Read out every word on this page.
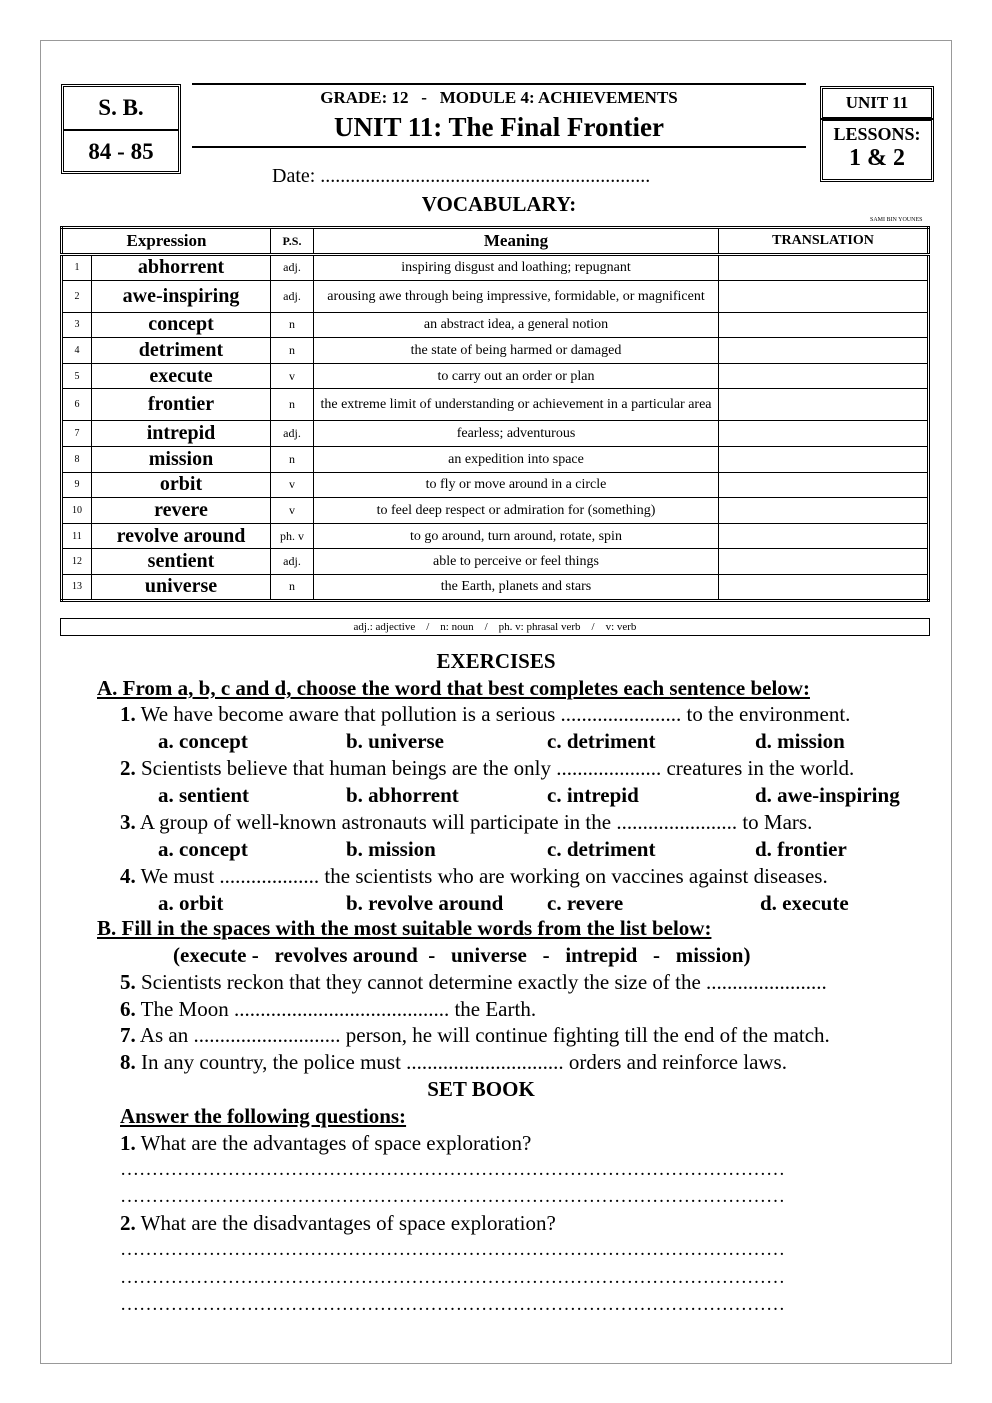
S. B.
84 - 85
GRADE: 12   -   MODULE 4: ACHIEVEMENTS
UNIT 11: The Final Frontier
Date: ..................................................................
VOCABULARY:
SAMI BIN YOUNES
UNIT 11
LESSONS:
1 & 2
Expression		P.S.	Meaning	TRANSLATION
1	abhorrent	adj.	inspiring disgust and loathing; repugnant	
2	awe-inspiring	adj.	arousing awe through being impressive, formidable, or magnificent	
3	concept	n	an abstract idea, a general notion	
4	detriment	n	the state of being harmed or damaged	
5	execute	v	to carry out an order or plan	
6	frontier	n	the extreme limit of understanding or achievement in a particular area	
7	intrepid	adj.	fearless; adventurous	
8	mission	n	an expedition into space	
9	orbit	v	to fly or move around in a circle	
10	revere	v	to feel deep respect or admiration for (something)	
11	revolve around	ph. v	to go around, turn around, rotate, spin	
12	sentient	adj.	able to perceive or feel things	
13	universe	n	the Earth, planets and stars	
adj.: adjective    /    n: noun    /    ph. v: phrasal verb    /    v: verb
EXERCISES
A. From a, b, c and d, choose the word that best completes each sentence below:
1. We have become aware that pollution is a serious ....................... to the environment.
a. concept	b. universe	c. detriment	d. mission
2. Scientists believe that human beings are the only .................... creatures in the world.
a. sentient	b. abhorrent	c. intrepid	d. awe-inspiring
3. A group of well-known astronauts will participate in the ....................... to Mars.
a. concept	b. mission	c. detriment	d. frontier
4. We must ................... the scientists who are working on vaccines against diseases.
a. orbit	b. revolve around c. revere	d. execute
B. Fill in the spaces with the most suitable words from the list below:
(execute -   revolves around  -   universe   -   intrepid   -   mission)
5. Scientists reckon that they cannot determine exactly the size of the .......................
6. The Moon ......................................... the Earth.
7. As an ............................ person, he will continue fighting till the end of the match.
8. In any country, the police must .............................. orders and reinforce laws.
SET BOOK
Answer the following questions:
1. What are the advantages of space exploration?
……………………………………………………………………………………………
……………………………………………………………………………………………
2. What are the disadvantages of space exploration?
……………………………………………………………………………………………
……………………………………………………………………………………………
……………………………………………………………………………………………
